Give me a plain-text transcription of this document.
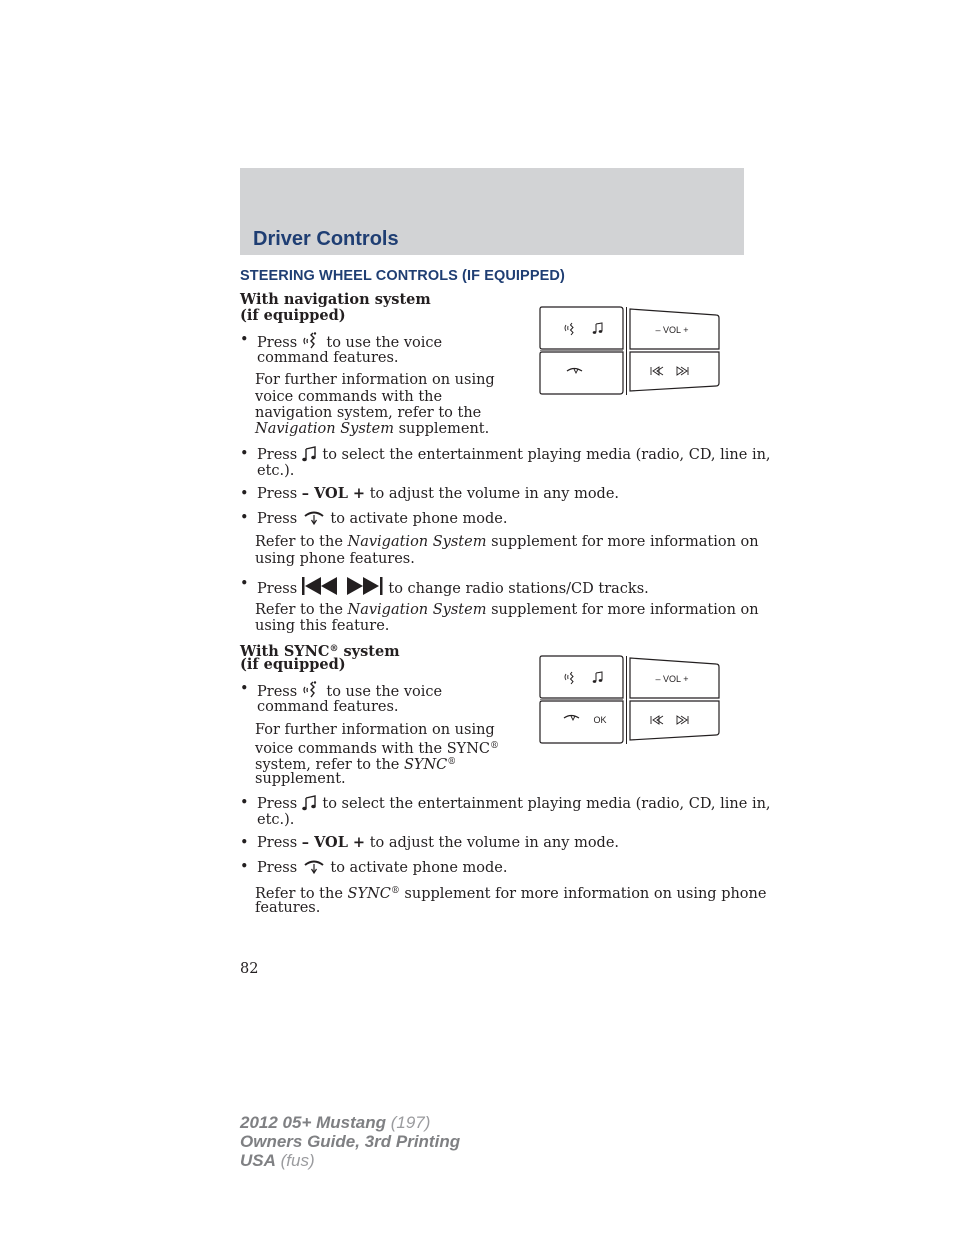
Driver Controls
STEERING WHEEL CONTROLS (IF EQUIPPED)
With navigation system
(if equipped)
• Press to use the voice
command features.
For further information on using
voice commands with the
navigation system, refer to the
Navigation System supplement.
– VOL +
• Press to select the entertainment playing media (radio, CD, line in,
etc.).
• Press – VOL + to adjust the volume in any mode.
• Press to activate phone mode.
Refer to the Navigation System supplement for more information on
using phone features.
• Press	to change radio stations/CD tracks.
Refer to the Navigation System supplement for more information on
using this feature.
With SYNC® system
(if equipped)
• Press to use the voice
command features.
For further information on using
voice commands with the SYNC®
system, refer to the SYNC®
supplement.
– VOL +
OK
• Press to select the entertainment playing media (radio, CD, line in,
etc.).
• Press – VOL + to adjust the volume in any mode.
• Press to activate phone mode.
Refer to the SYNC® supplement for more information on using phone
features.
82
2012 05+ Mustang (197)
Owners Guide, 3rd Printing
USA (fus)
